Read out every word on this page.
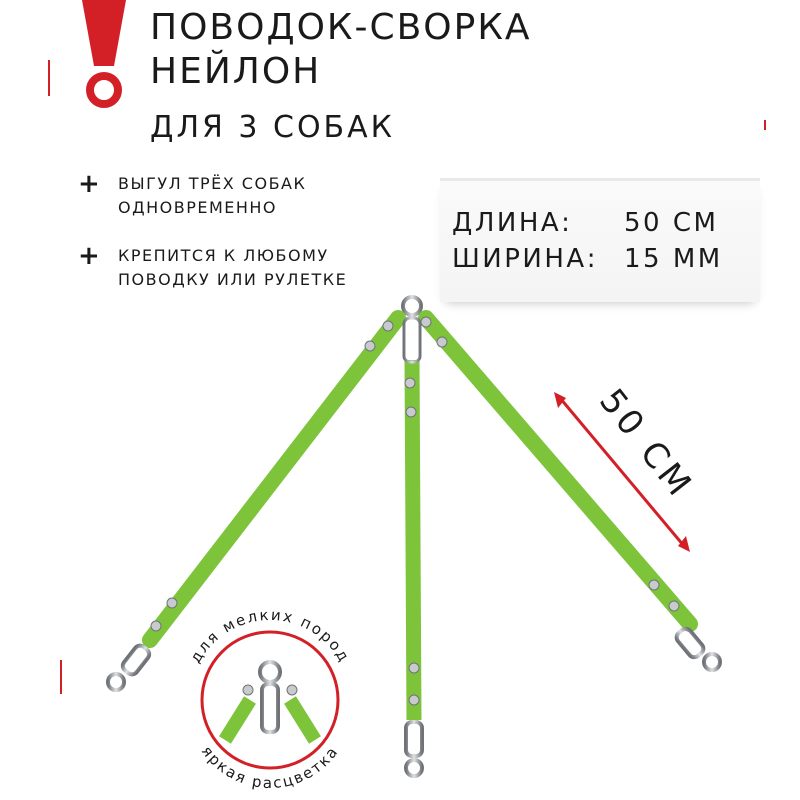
ПОВОДОК-СВОРКА
НЕЙЛОН
ДЛЯ 3 СОБАК
+ ВЫГУЛ ТРЁХ СОБАК
ОДНОВРЕМЕННО
+ КРЕПИТСЯ К ЛЮБОМУ
ПОВОДКУ ИЛИ РУЛЕТКЕ
ДЛИНА: 50 СМ
ШИРИНА: 15 ММ
для мелких пород
яркая расцветка
50 СМ
